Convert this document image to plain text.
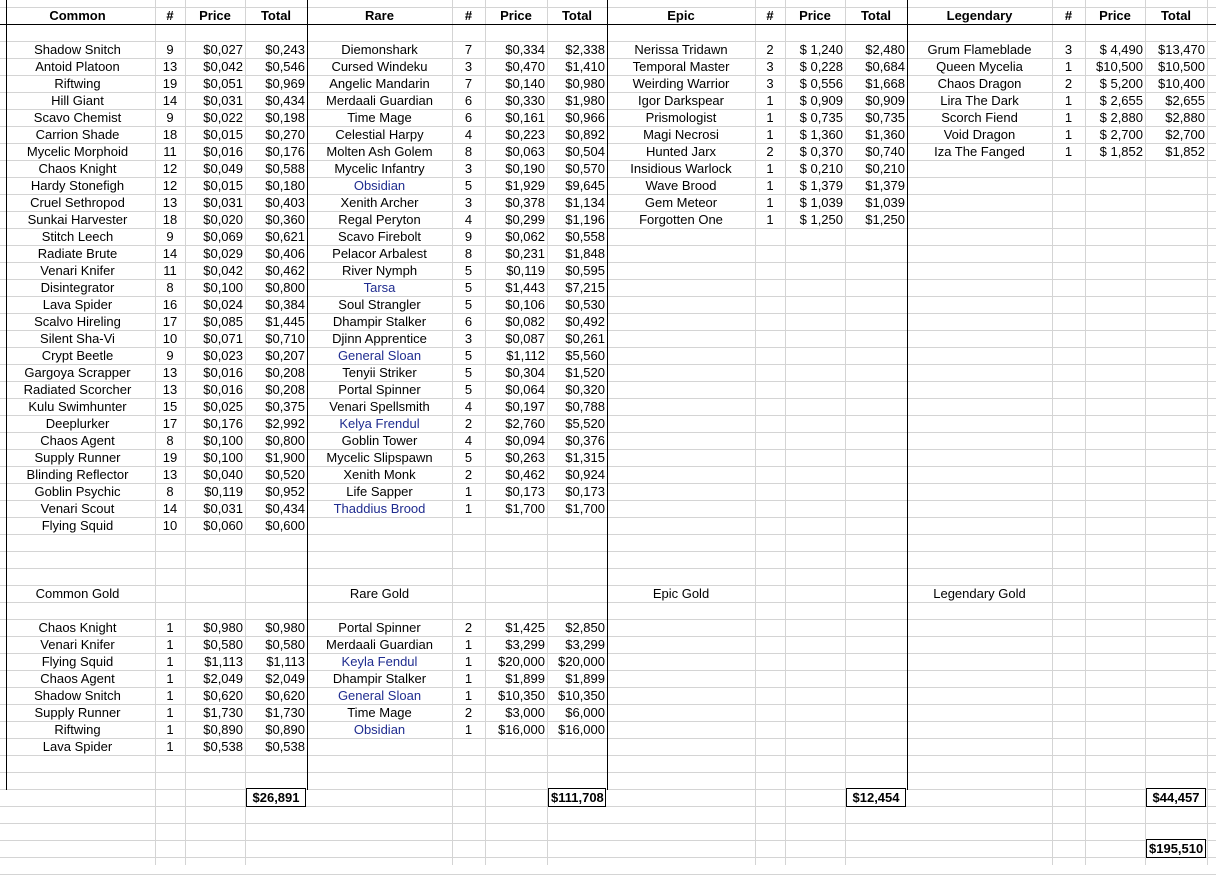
Common	#	Price	Total
Shadow Snitch	9	$0,027	$0,243
Antoid Platoon	13	$0,042	$0,546
Riftwing	19	$0,051	$0,969
Hill Giant	14	$0,031	$0,434
Scavo Chemist	9	$0,022	$0,198
Carrion Shade	18	$0,015	$0,270
Mycelic Morphoid	11	$0,016	$0,176
Chaos Knight	12	$0,049	$0,588
Hardy Stonefigh	12	$0,015	$0,180
Cruel Sethropod	13	$0,031	$0,403
Sunkai Harvester	18	$0,020	$0,360
Stitch Leech	9	$0,069	$0,621
Radiate Brute	14	$0,029	$0,406
Venari Knifer	11	$0,042	$0,462
Disintegrator	8	$0,100	$0,800
Lava Spider	16	$0,024	$0,384
Scalvo Hireling	17	$0,085	$1,445
Silent Sha-Vi	10	$0,071	$0,710
Crypt Beetle	9	$0,023	$0,207
Gargoya Scrapper	13	$0,016	$0,208
Radiated Scorcher	13	$0,016	$0,208
Kulu Swimhunter	15	$0,025	$0,375
Deeplurker	17	$0,176	$2,992
Chaos Agent	8	$0,100	$0,800
Supply Runner	19	$0,100	$1,900
Blinding Reflector	13	$0,040	$0,520
Goblin Psychic	8	$0,119	$0,952
Venari Scout	14	$0,031	$0,434
Flying Squid	10	$0,060	$0,600
Common Gold
Chaos Knight	1	$0,980	$0,980
Venari Knifer	1	$0,580	$0,580
Flying Squid	1	$1,113	$1,113
Chaos Agent	1	$2,049	$2,049
Shadow Snitch	1	$0,620	$0,620
Supply Runner	1	$1,730	$1,730
Riftwing	1	$0,890	$0,890
Lava Spider	1	$0,538	$0,538
$26,891
Rare	#	Price	Total
Diemonshark	7	$0,334	$2,338
Cursed Windeku	3	$0,470	$1,410
Angelic Mandarin	7	$0,140	$0,980
Merdaali Guardian	6	$0,330	$1,980
Time Mage	6	$0,161	$0,966
Celestial Harpy	4	$0,223	$0,892
Molten Ash Golem	8	$0,063	$0,504
Mycelic Infantry	3	$0,190	$0,570
Obsidian	5	$1,929	$9,645
Xenith Archer	3	$0,378	$1,134
Regal Peryton	4	$0,299	$1,196
Scavo Firebolt	9	$0,062	$0,558
Pelacor Arbalest	8	$0,231	$1,848
River Nymph	5	$0,119	$0,595
Tarsa	5	$1,443	$7,215
Soul Strangler	5	$0,106	$0,530
Dhampir Stalker	6	$0,082	$0,492
Djinn Apprentice	3	$0,087	$0,261
General Sloan	5	$1,112	$5,560
Tenyii Striker	5	$0,304	$1,520
Portal Spinner	5	$0,064	$0,320
Venari Spellsmith	4	$0,197	$0,788
Kelya Frendul	2	$2,760	$5,520
Goblin Tower	4	$0,094	$0,376
Mycelic Slipspawn	5	$0,263	$1,315
Xenith Monk	2	$0,462	$0,924
Life Sapper	1	$0,173	$0,173
Thaddius Brood	1	$1,700	$1,700
Rare Gold
Portal Spinner	2	$1,425	$2,850
Merdaali Guardian	1	$3,299	$3,299
Keyla Fendul	1	$20,000	$20,000
Dhampir Stalker	1	$1,899	$1,899
General Sloan	1	$10,350	$10,350
Time Mage	2	$3,000	$6,000
Obsidian	1	$16,000	$16,000
$111,708
Epic	#	Price	Total
Nerissa Tridawn	2	$ 1,240	$2,480
Temporal Master	3	$ 0,228	$0,684
Weirding Warrior	3	$ 0,556	$1,668
Igor Darkspear	1	$ 0,909	$0,909
Prismologist	1	$ 0,735	$0,735
Magi Necrosi	1	$ 1,360	$1,360
Hunted Jarx	2	$ 0,370	$0,740
Insidious Warlock	1	$ 0,210	$0,210
Wave Brood	1	$ 1,379	$1,379
Gem Meteor	1	$ 1,039	$1,039
Forgotten One	1	$ 1,250	$1,250
Epic Gold
$12,454
Legendary	#	Price	Total
Grum Flameblade	3	$ 4,490	$13,470
Queen Mycelia	1	$10,500	$10,500
Chaos Dragon	2	$ 5,200	$10,400
Lira The Dark	1	$ 2,655	$2,655
Scorch Fiend	1	$ 2,880	$2,880
Void Dragon	1	$ 2,700	$2,700
Iza The Fanged	1	$ 1,852	$1,852
Legendary Gold
$44,457
$195,510
